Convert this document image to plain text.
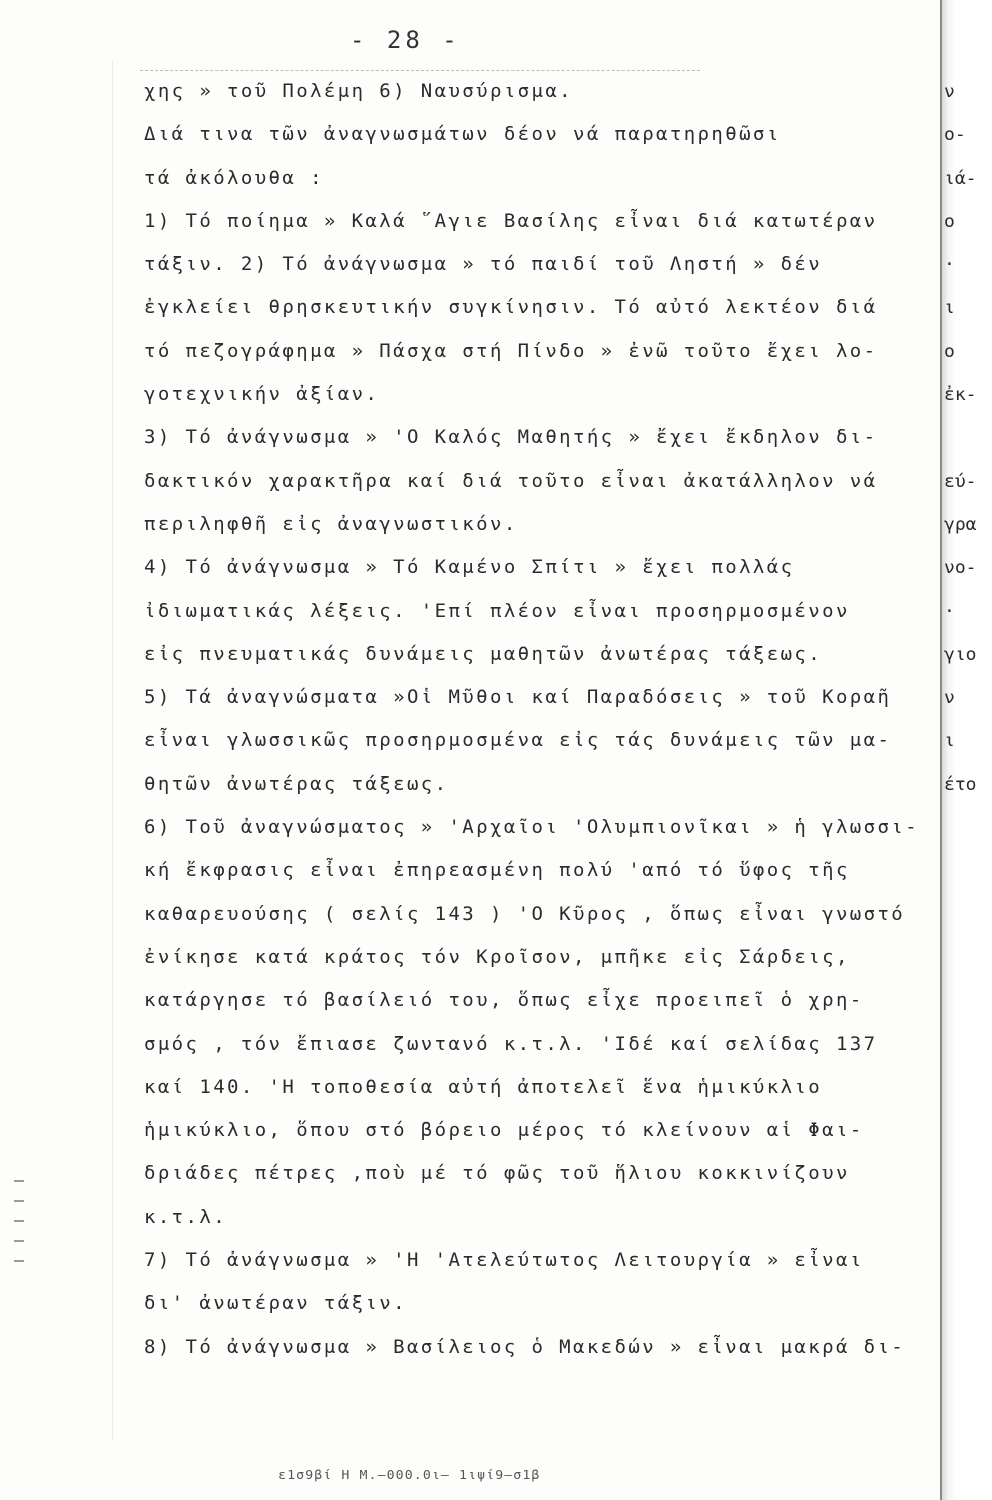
- 28 -
χης » τοῦ Πολέμη 6) Ναυσύρισμα.
Διά τινα τῶν ἀναγνωσμάτων δέον νά παρατηρηθῶσι
τά ἀκόλουθα :
1) Τό ποίημα » Καλά ῞Αγιε Βασίλης εἶναι διά κατωτέραν
τάξιν. 2) Τό ἀνάγνωσμα » τό παιδί τοῦ Ληστή » δέν
ἐγκλείει θρησκευτικήν συγκίνησιν. Τό αὐτό λεκτέον διά
τό πεζογράφημα » Πάσχα στή Πίνδο » ἐνῶ τοῦτο ἔχει λο-
γοτεχνικήν ἀξίαν.
3) Τό ἀνάγνωσμα » 'Ο Καλός Μαθητής » ἔχει ἔκδηλον δι-
δακτικόν χαρακτῆρα καί διά τοῦτο εἶναι ἀκατάλληλον νά
περιληφθῆ εἰς ἀναγνωστικόν.
4) Τό ἀνάγνωσμα » Τό Καμένο Σπίτι » ἔχει πολλάς
ἰδιωματικάς λέξεις. 'Επί πλέον εἶναι προσηρμοσμένον
εἰς πνευματικάς δυνάμεις μαθητῶν ἀνωτέρας τάξεως.
5) Τά ἀναγνώσματα »Οἱ Μῦθοι καί Παραδόσεις » τοῦ Κοραῆ
εἶναι γλωσσικῶς προσηρμοσμένα εἰς τάς δυνάμεις τῶν μα-
θητῶν ἀνωτέρας τάξεως.
6) Τοῦ ἀναγνώσματος » 'Αρχαῖοι 'Ολυμπιονῖκαι » ἡ γλωσσι-
κή ἔκφρασις εἶναι ἐπηρεασμένη πολύ 'από τό ὕφος τῆς
καθαρευούσης ( σελίς 143 ) 'Ο Κῦρος , ὅπως εἶναι γνωστό
ἐνίκησε κατά κράτος τόν Κροῖσον, μπῆκε εἰς Σάρδεις,
κατάργησε τό βασίλειό του, ὅπως εἶχε προειπεῖ ὁ χρη-
σμός , τόν ἔπιασε ζωντανό κ.τ.λ. 'Ιδέ καί σελίδας 137
καί 140. 'Η τοποθεσία αὐτή ἀποτελεῖ ἕνα ἡμικύκλιο
ἡμικύκλιο, ὅπου στό βόρειο μέρος τό κλείνουν αἱ Φαι-
δριάδες πέτρες ,ποὺ μέ τό φῶς τοῦ ἥλιου κοκκινίζουν
κ.τ.λ.
7) Τό ἀνάγνωσμα » 'Η 'Ατελεύτωτος Λειτουργία » εἶναι
δι' ἀνωτέραν τάξιν.
8) Τό ἀνάγνωσμα » Βασίλειος ὁ Μακεδών » εἶναι μακρά δι-
ν
ο-
ιά-
ο
·
ι
ο
ἐκ-
εύ-
γρα
νο-
·
γιο
ν
ι
έτο
ε1σ9βί Η Μ.—000.0ι— 1ιψί9—σ1β
